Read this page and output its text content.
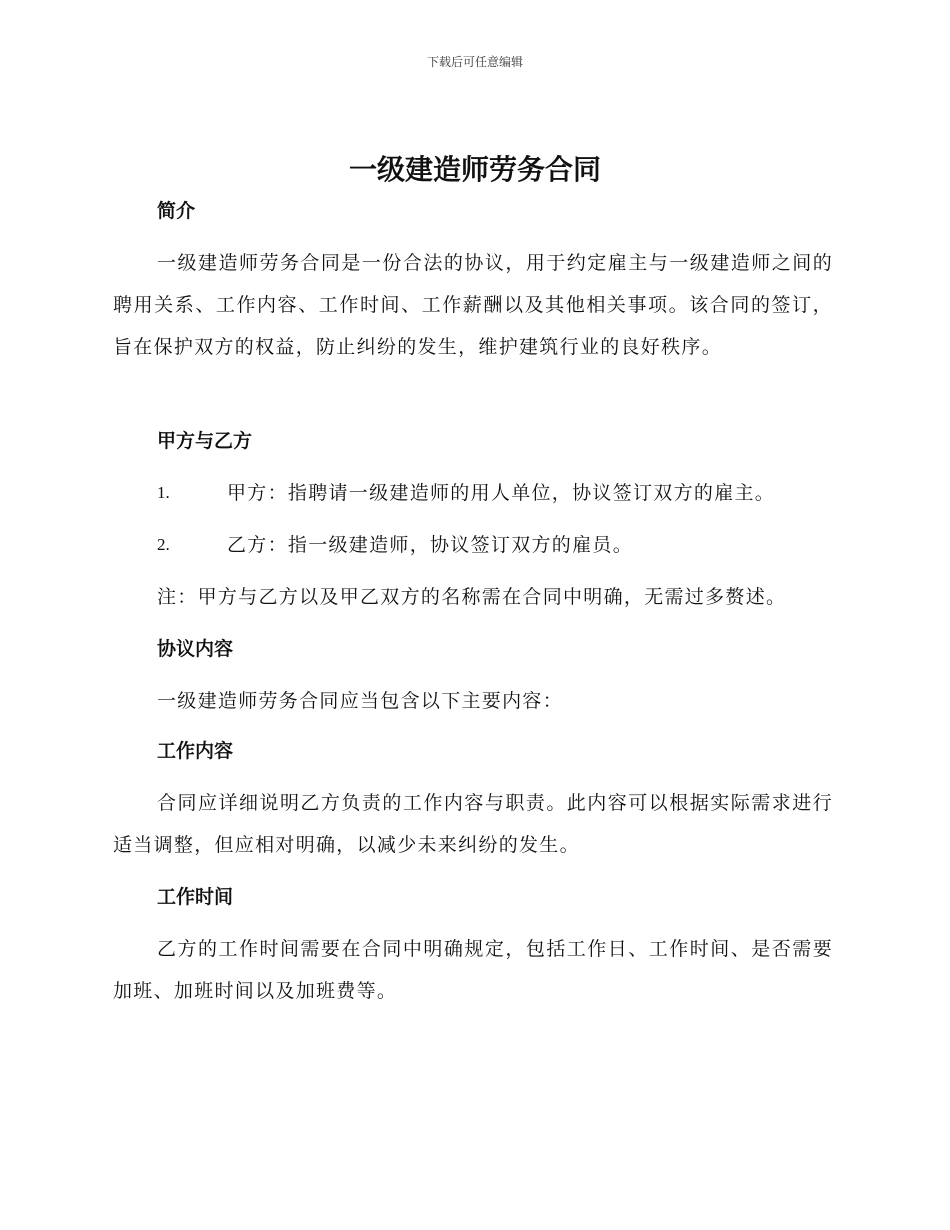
下载后可任意编辑
一级建造师劳务合同
简介

一级建造师劳务合同是一份合法的协议，用于约定雇主与一级建造师之间的聘用关系、工作内容、工作时间、工作薪酬以及其他相关事项。该合同的签订，旨在保护双方的权益，防止纠纷的发生，维护建筑行业的良好秩序。

甲方与乙方
1.	甲方：指聘请一级建造师的用人单位，协议签订双方的雇主。
2.	乙方：指一级建造师，协议签订双方的雇员。

注：甲方与乙方以及甲乙双方的名称需在合同中明确，无需过多赘述。

协议内容

一级建造师劳务合同应当包含以下主要内容：

工作内容

合同应详细说明乙方负责的工作内容与职责。此内容可以根据实际需求进行适当调整，但应相对明确，以减少未来纠纷的发生。

工作时间

乙方的工作时间需要在合同中明确规定，包括工作日、工作时间、是否需要加班、加班时间以及加班费等。
